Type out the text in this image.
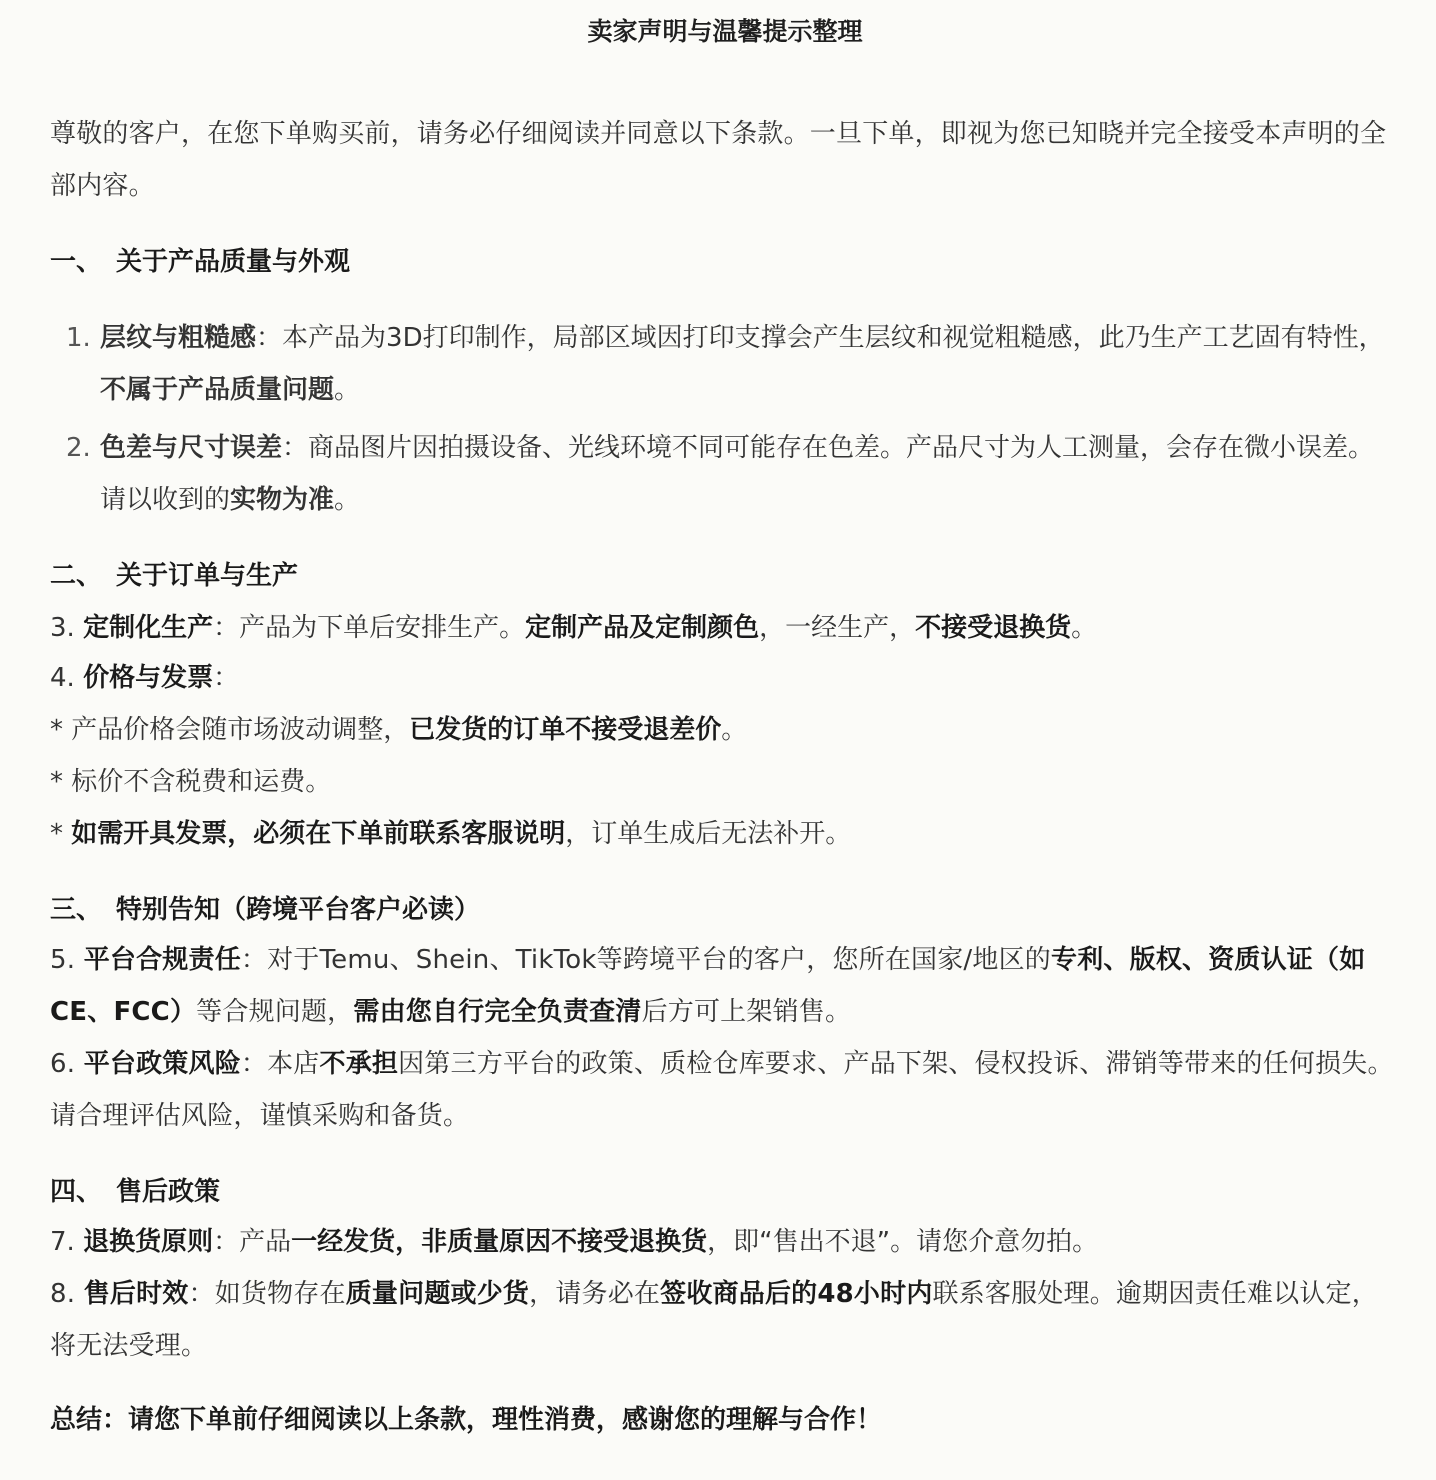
卖家声明与温馨提示整理
尊敬的客户，在您下单购买前，请务必仔细阅读并同意以下条款。一旦下单，即视为您已知晓并完全接受本声明的全部内容。
一、 关于产品质量与外观
1. 层纹与粗糙感：本产品为3D打印制作，局部区域因打印支撑会产生层纹和视觉粗糙感，此乃生产工艺固有特性，不属于产品质量问题。
2. 色差与尺寸误差：商品图片因拍摄设备、光线环境不同可能存在色差。产品尺寸为人工测量，会存在微小误差。请以收到的实物为准。
二、 关于订单与生产
3. 定制化生产：产品为下单后安排生产。定制产品及定制颜色，一经生产，不接受退换货。
4. 价格与发票：
* 产品价格会随市场波动调整，已发货的订单不接受退差价。
* 标价不含税费和运费。
* 如需开具发票，必须在下单前联系客服说明，订单生成后无法补开。
三、 特别告知（跨境平台客户必读）
5. 平台合规责任：对于Temu、Shein、TikTok等跨境平台的客户，您所在国家/地区的专利、版权、资质认证（如CE、FCC）等合规问题，需由您自行完全负责查清后方可上架销售。
6. 平台政策风险：本店不承担因第三方平台的政策、质检仓库要求、产品下架、侵权投诉、滞销等带来的任何损失。请合理评估风险，谨慎采购和备货。
四、 售后政策
7. 退换货原则：产品一经发货，非质量原因不接受退换货，即“售出不退”。请您介意勿拍。
8. 售后时效：如货物存在质量问题或少货，请务必在签收商品后的48小时内联系客服处理。逾期因责任难以认定，将无法受理。
总结：请您下单前仔细阅读以上条款，理性消费，感谢您的理解与合作！
